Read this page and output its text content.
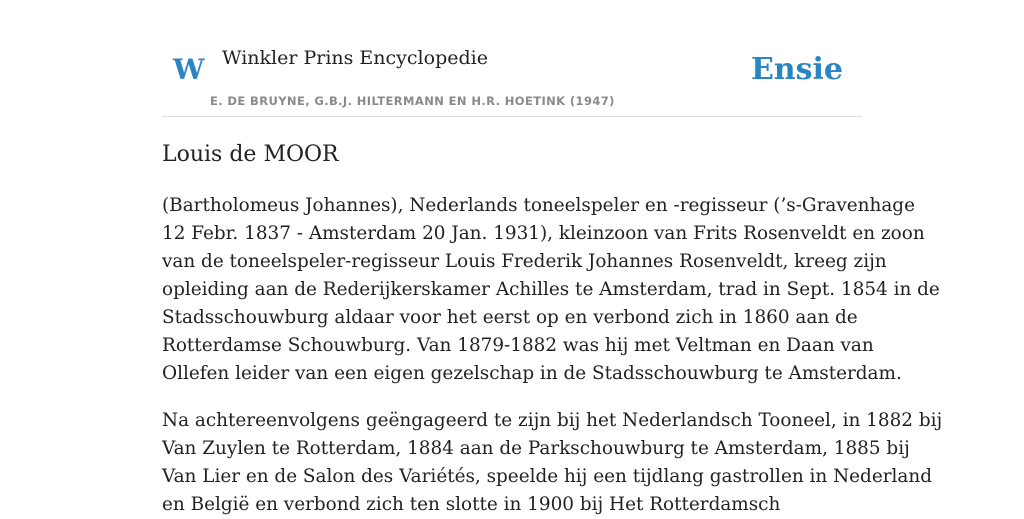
W Winkler Prins Encyclopedie
E. DE BRUYNE, G.B.J. HILTERMANN EN H.R. HOETINK (1947)
Ensie
Louis de MOOR

(Bartholomeus Johannes), Nederlands toneelspeler en -regisseur (’s-Gravenhage
12 Febr. 1837 - Amsterdam 20 Jan. 1931), kleinzoon van Frits Rosenveldt en zoon
van de toneelspeler-regisseur Louis Frederik Johannes Rosenveldt, kreeg zijn
opleiding aan de Rederijkerskamer Achilles te Amsterdam, trad in Sept. 1854 in de
Stadsschouwburg aldaar voor het eerst op en verbond zich in 1860 aan de
Rotterdamse Schouwburg. Van 1879-1882 was hij met Veltman en Daan van
Ollefen leider van een eigen gezelschap in de Stadsschouwburg te Amsterdam.

Na achtereenvolgens geëngageerd te zijn bij het Nederlandsch Tooneel, in 1882 bij
Van Zuylen te Rotterdam, 1884 aan de Parkschouwburg te Amsterdam, 1885 bij
Van Lier en de Salon des Variétés, speelde hij een tijdlang gastrollen in Nederland
en België en verbond zich ten slotte in 1900 bij Het Rotterdamsch
